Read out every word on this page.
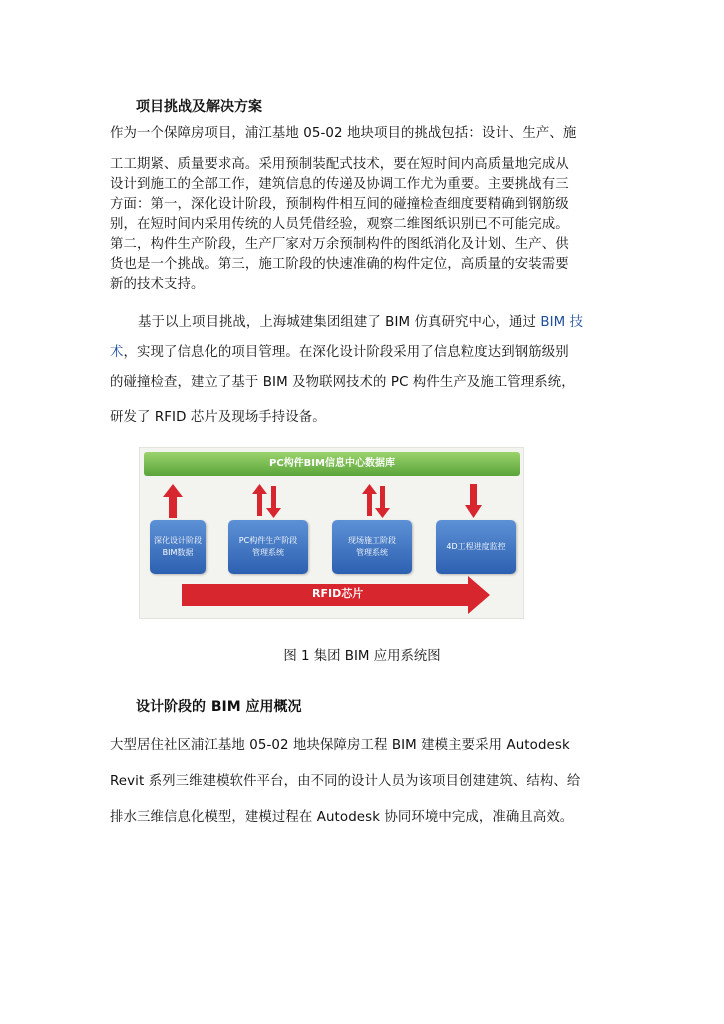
项目挑战及解决方案

作为一个保障房项目，浦江基地 05-02 地块项目的挑战包括：设计、生产、施

工工期紧、质量要求高。采用预制装配式技术，要在短时间内高质量地完成从

设计到施工的全部工作，建筑信息的传递及协调工作尤为重要。主要挑战有三

方面：第一，深化设计阶段，预制构件相互间的碰撞检查细度要精确到钢筋级

别，在短时间内采用传统的人员凭借经验，观察二维图纸识别已不可能完成。

第二，构件生产阶段，生产厂家对万余预制构件的图纸消化及计划、生产、供

货也是一个挑战。第三，施工阶段的快速准确的构件定位，高质量的安装需要

新的技术支持。

基于以上项目挑战，上海城建集团组建了 BIM 仿真研究中心，通过 BIM 技

术，实现了信息化的项目管理。在深化设计阶段采用了信息粒度达到钢筋级别

的碰撞检查，建立了基于 BIM 及物联网技术的 PC 构件生产及施工管理系统，

研发了 RFID 芯片及现场手持设备。

PC构件BIM信息中心数据库
深化设计阶段
BIM数据
PC构件生产阶段
管理系统
现场施工阶段
管理系统
4D工程进度监控
RFID芯片
图 1 集团 BIM 应用系统图
设计阶段的 BIM 应用概况

大型居住社区浦江基地 05-02 地块保障房工程 BIM 建模主要采用 Autodesk

Revit 系列三维建模软件平台，由不同的设计人员为该项目创建建筑、结构、给

排水三维信息化模型，建模过程在 Autodesk 协同环境中完成，准确且高效。
